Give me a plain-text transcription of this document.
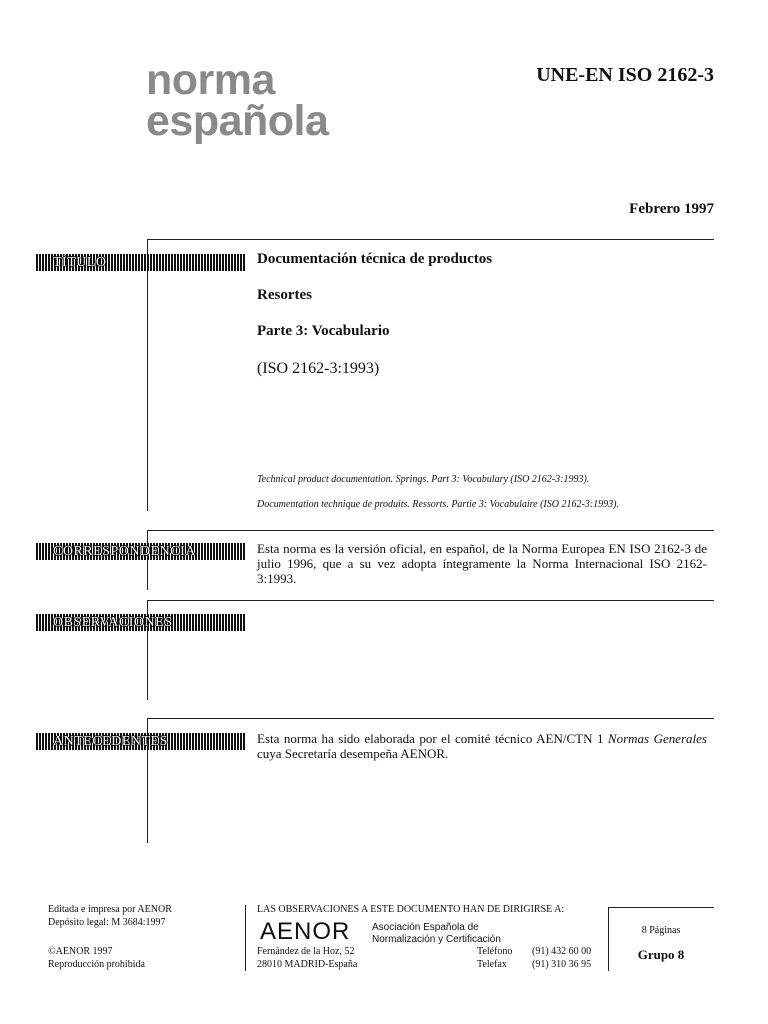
norma
española
UNE-EN ISO 2162-3
Febrero 1997
TÍTULO	Documentación técnica de productos
Resortes
Parte 3: Vocabulario
(ISO 2162-3:1993)
Technical product documentation. Springs. Part 3: Vocabulary (ISO 2162-3:1993).
Documentation technique de produits. Ressorts. Partie 3: Vocabulaire (ISO 2162-3:1993).
CORRESPONDENCIA	Esta norma es la versión oficial, en español, de la Norma Europea EN ISO 2162-3 de julio 1996, que a su vez adopta íntegramente la Norma Internacional ISO 2162-3:1993.
OBSERVACIONES
ANTECEDENTES	Esta norma ha sido elaborada por el comité técnico AEN/CTN 1 Normas Generales cuya Secretaría desempeña AENOR.
Editada e impresa por AENOR
Depósito legal: M 3684:1997
©AENOR 1997
Reproducción prohibida
LAS OBSERVACIONES A ESTE DOCUMENTO HAN DE DIRIGIRSE A:
AENOR Asociación Española de
Normalización y Certificación
Fernández de la Hoz, 52
28010 MADRID-España
Teléfono (91) 432 60 00
Telefax	(91) 310 36 95
8 Páginas
Grupo 8
